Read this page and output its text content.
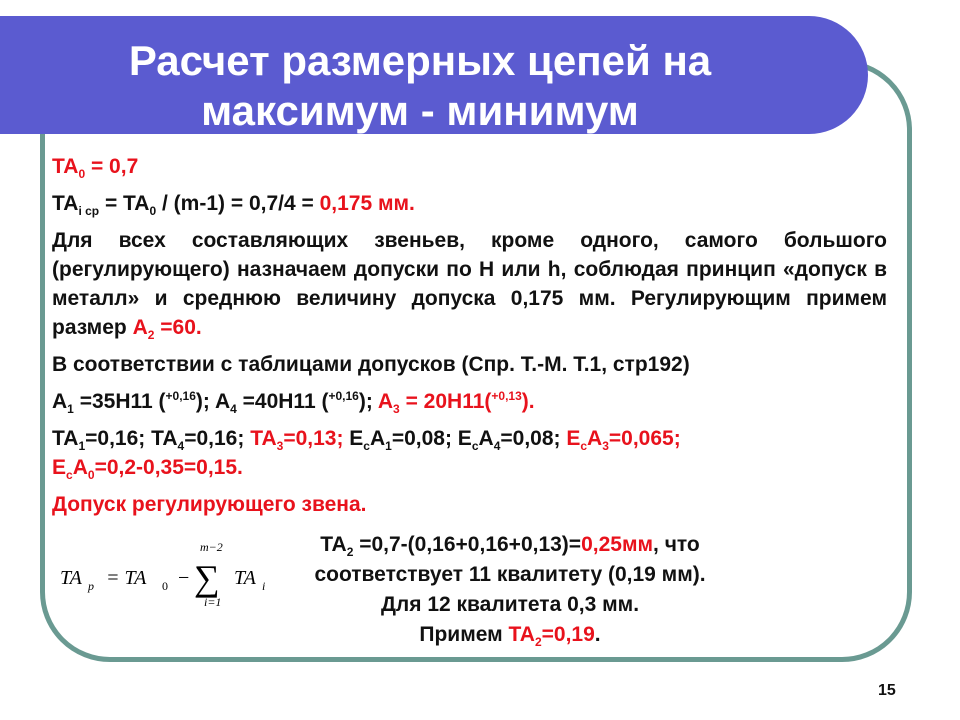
Расчет размерных цепей на
максимум - минимум

$TA_0 = 0,7$

$TA_{i ср} = TA_0 / (m-1) = 0,7/4 = 0,175$ мм.

Для всех составляющих звеньев, кроме одного, самого большого (регулирующего) назначаем допуски по H или h, соблюдая принцип «допуск в металл» и среднюю величину допуска 0,175 мм. Регулирующим примем размер $A_2 =60$.

В соответствии с таблицами допусков (Спр. Т.-М. Т.1, стр192)

$A_1 =35H11$ ($^{+0,16}$); $A_4 =40H11$ ($^{+0,16}$); $A_3 = 20H11(^{+0,13})$.

$TA_1=0,16$; $TA_4=0,16$; $TA_3=0,13$; $E_cA_1=0,08$; $E_cA_4=0,08$; $E_cA_3=0,065$;

$E_cA_0=0,2-0,35=0,15$.

Допуск регулирующего звена.

$TA_2 =0,7-(0,16+0,16+0,13)=0,25мм$, что
соответствует 11 квалитету (0,19 мм).
Для 12 квалитета 0,3 мм.
Примем $TA_2=0,19$.
TA p = TA 0 − ∑
m−2
i=1
TA i
15
